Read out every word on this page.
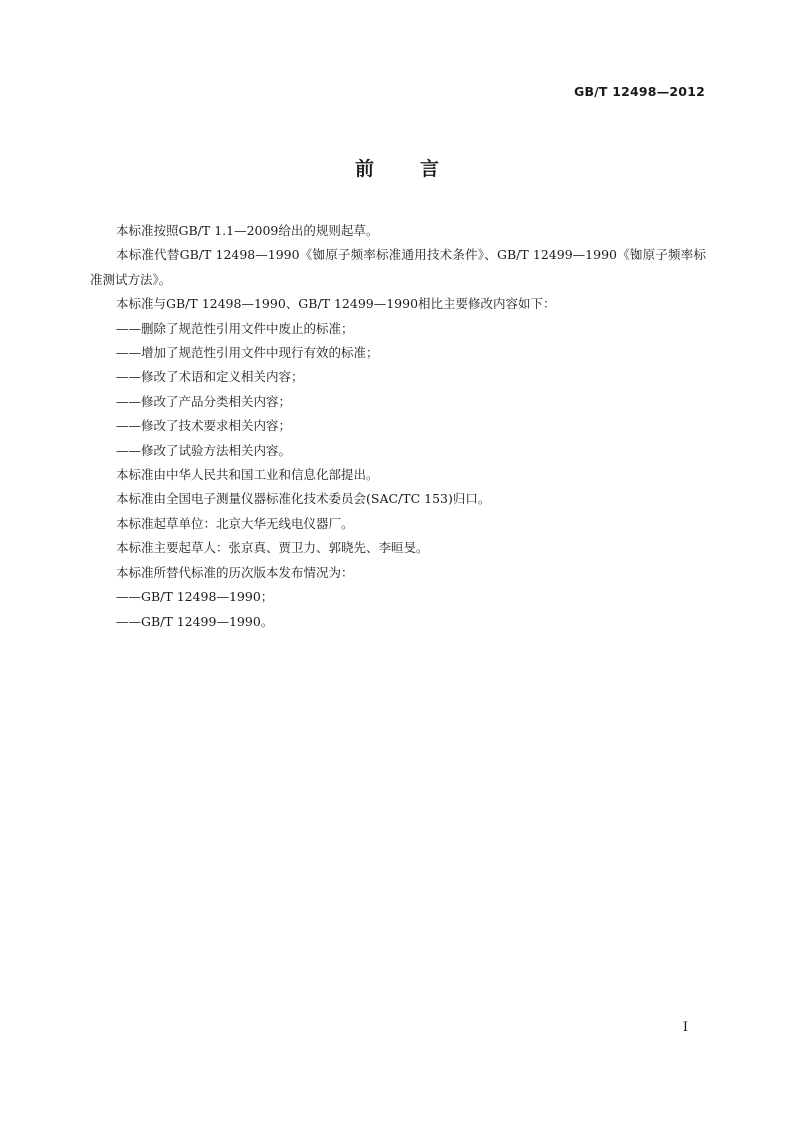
GB/T 12498—2012
前言

本标准按照GB/T 1.1—2009给出的规则起草。

本标准代替GB/T 12498—1990《铷原子频率标准通用技术条件》、GB/T 12499—1990《铷原子频率标准测试方法》。

本标准与GB/T 12498—1990、GB/T 12499—1990相比主要修改内容如下：

——删除了规范性引用文件中废止的标准；

——增加了规范性引用文件中现行有效的标准；

——修改了术语和定义相关内容；

——修改了产品分类相关内容；

——修改了技术要求相关内容；

——修改了试验方法相关内容。

本标准由中华人民共和国工业和信息化部提出。

本标准由全国电子测量仪器标准化技术委员会(SAC/TC 153)归口。

本标准起草单位：北京大华无线电仪器厂。

本标准主要起草人：张京真、贾卫力、郭晓先、李晅旻。

本标准所替代标准的历次版本发布情况为：

——GB/T 12498—1990；

——GB/T 12499—1990。

I
